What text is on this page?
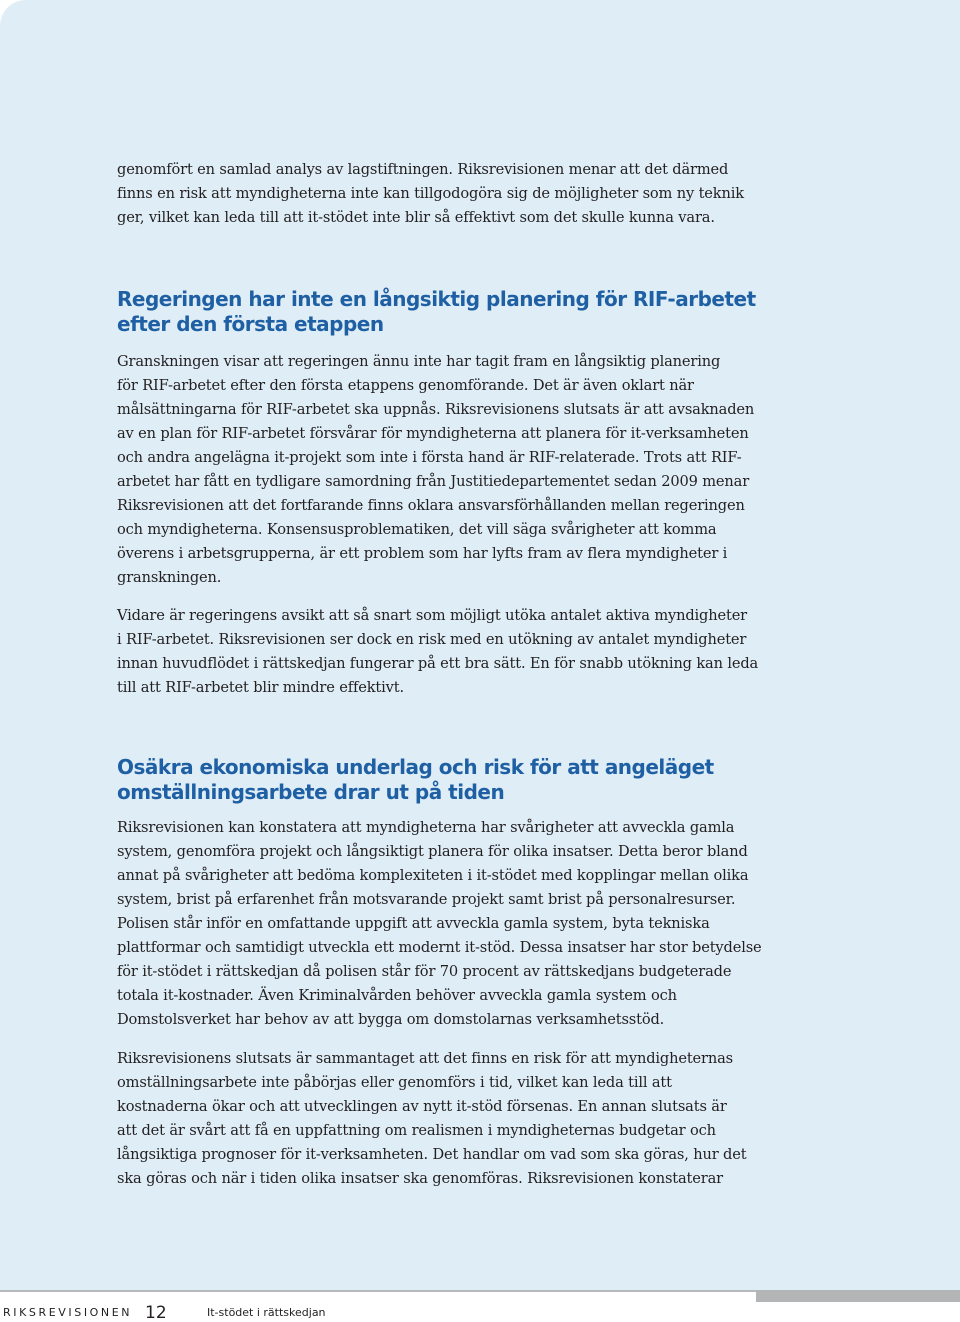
genomfört en samlad analys av lagstiftningen. Riksrevisionen menar att det därmed
finns en risk att myndigheterna inte kan tillgodogöra sig de möjligheter som ny teknik
ger, vilket kan leda till att it-stödet inte blir så effektivt som det skulle kunna vara.

Regeringen har inte en långsiktig planering för RIF-arbetet
efter den första etappen

Granskningen visar att regeringen ännu inte har tagit fram en långsiktig planering
för RIF-arbetet efter den första etappens genomförande. Det är även oklart när
målsättningarna för RIF-arbetet ska uppnås. Riksrevisionens slutsats är att avsaknaden
av en plan för RIF-arbetet försvårar för myndigheterna att planera för it-verksamheten
och andra angelägna it-projekt som inte i första hand är RIF-relaterade. Trots att RIF-
arbetet har fått en tydligare samordning från Justitiedepartementet sedan 2009 menar
Riksrevisionen att det fortfarande finns oklara ansvarsförhållanden mellan regeringen
och myndigheterna. Konsensusproblematiken, det vill säga svårigheter att komma
överens i arbetsgrupperna, är ett problem som har lyfts fram av flera myndigheter i
granskningen.

Vidare är regeringens avsikt att så snart som möjligt utöka antalet aktiva myndigheter
i RIF-arbetet. Riksrevisionen ser dock en risk med en utökning av antalet myndigheter
innan huvudflödet i rättskedjan fungerar på ett bra sätt. En för snabb utökning kan leda
till att RIF-arbetet blir mindre effektivt.

Osäkra ekonomiska underlag och risk för att angeläget
omställningsarbete drar ut på tiden

Riksrevisionen kan konstatera att myndigheterna har svårigheter att avveckla gamla
system, genomföra projekt och långsiktigt planera för olika insatser. Detta beror bland
annat på svårigheter att bedöma komplexiteten i it-stödet med kopplingar mellan olika
system, brist på erfarenhet från motsvarande projekt samt brist på personalresurser.
Polisen står inför en omfattande uppgift att avveckla gamla system, byta tekniska
plattformar och samtidigt utveckla ett modernt it-stöd. Dessa insatser har stor betydelse
för it-stödet i rättskedjan då polisen står för 70 procent av rättskedjans budgeterade
totala it-kostnader. Även Kriminalvården behöver avveckla gamla system och
Domstolsverket har behov av att bygga om domstolarnas verksamhetsstöd.

Riksrevisionens slutsats är sammantaget att det finns en risk för att myndigheternas
omställningsarbete inte påbörjas eller genomförs i tid, vilket kan leda till att
kostnaderna ökar och att utvecklingen av nytt it-stöd försenas. En annan slutsats är
att det är svårt att få en uppfattning om realismen i myndigheternas budgetar och
långsiktiga prognoser för it-verksamheten. Det handlar om vad som ska göras, hur det
ska göras och när i tiden olika insatser ska genomföras. Riksrevisionen konstaterar

RIKSREVISIONEN 12	It-stödet i rättskedjan
